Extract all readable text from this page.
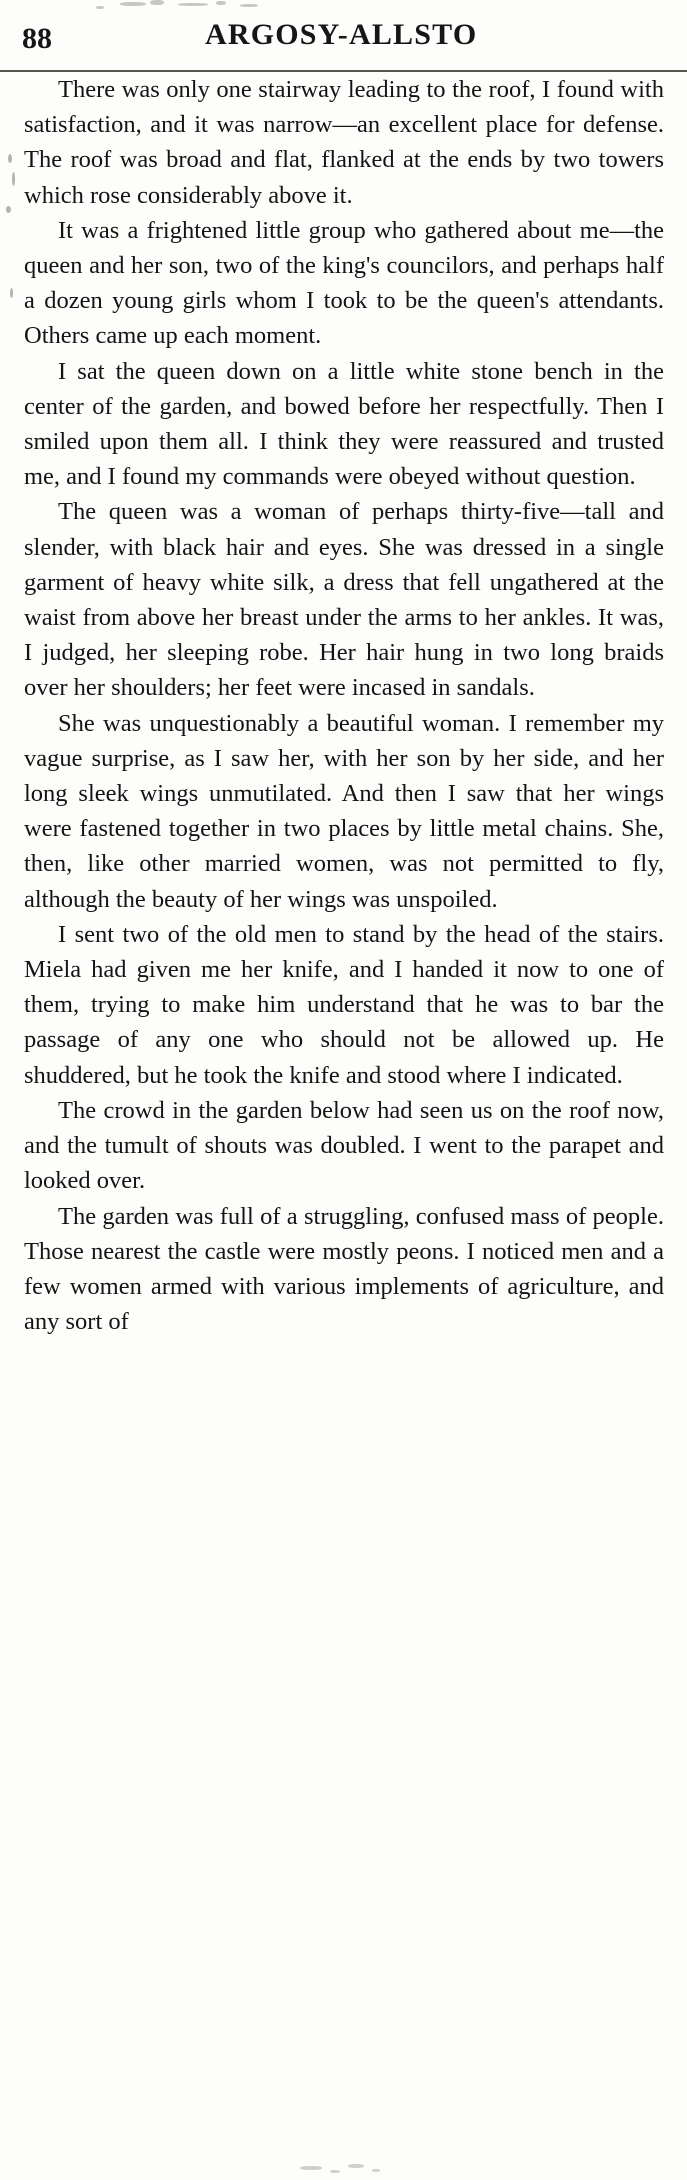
88	ARGOSY-ALLSTO

There was only one stairway leading to the roof, I found with satisfaction, and it was narrow—an excellent place for defense. The roof was broad and flat, flanked at the ends by two towers which rose considerably above it.

It was a frightened little group who gathered about me—the queen and her son, two of the king's councilors, and perhaps half a dozen young girls whom I took to be the queen's attendants. Others came up each moment.

I sat the queen down on a little white stone bench in the center of the garden, and bowed before her respectfully. Then I smiled upon them all. I think they were reassured and trusted me, and I found my commands were obeyed without question.

The queen was a woman of perhaps thirty-five—tall and slender, with black hair and eyes. She was dressed in a single garment of heavy white silk, a dress that fell ungathered at the waist from above her breast under the arms to her ankles. It was, I judged, her sleeping robe. Her hair hung in two long braids over her shoulders; her feet were incased in sandals.

She was unquestionably a beautiful woman. I remember my vague surprise, as I saw her, with her son by her side, and her long sleek wings unmutilated. And then I saw that her wings were fastened together in two places by little metal chains. She, then, like other married women, was not permitted to fly, although the beauty of her wings was unspoiled.

I sent two of the old men to stand by the head of the stairs. Miela had given me her knife, and I handed it now to one of them, trying to make him understand that he was to bar the passage of any one who should not be allowed up. He shuddered, but he took the knife and stood where I indicated.

The crowd in the garden below had seen us on the roof now, and the tumult of shouts was doubled. I went to the parapet and looked over.

The garden was full of a struggling, confused mass of people. Those nearest the castle were mostly peons. I noticed men and a few women armed with various implements of agriculture, and any sort of
